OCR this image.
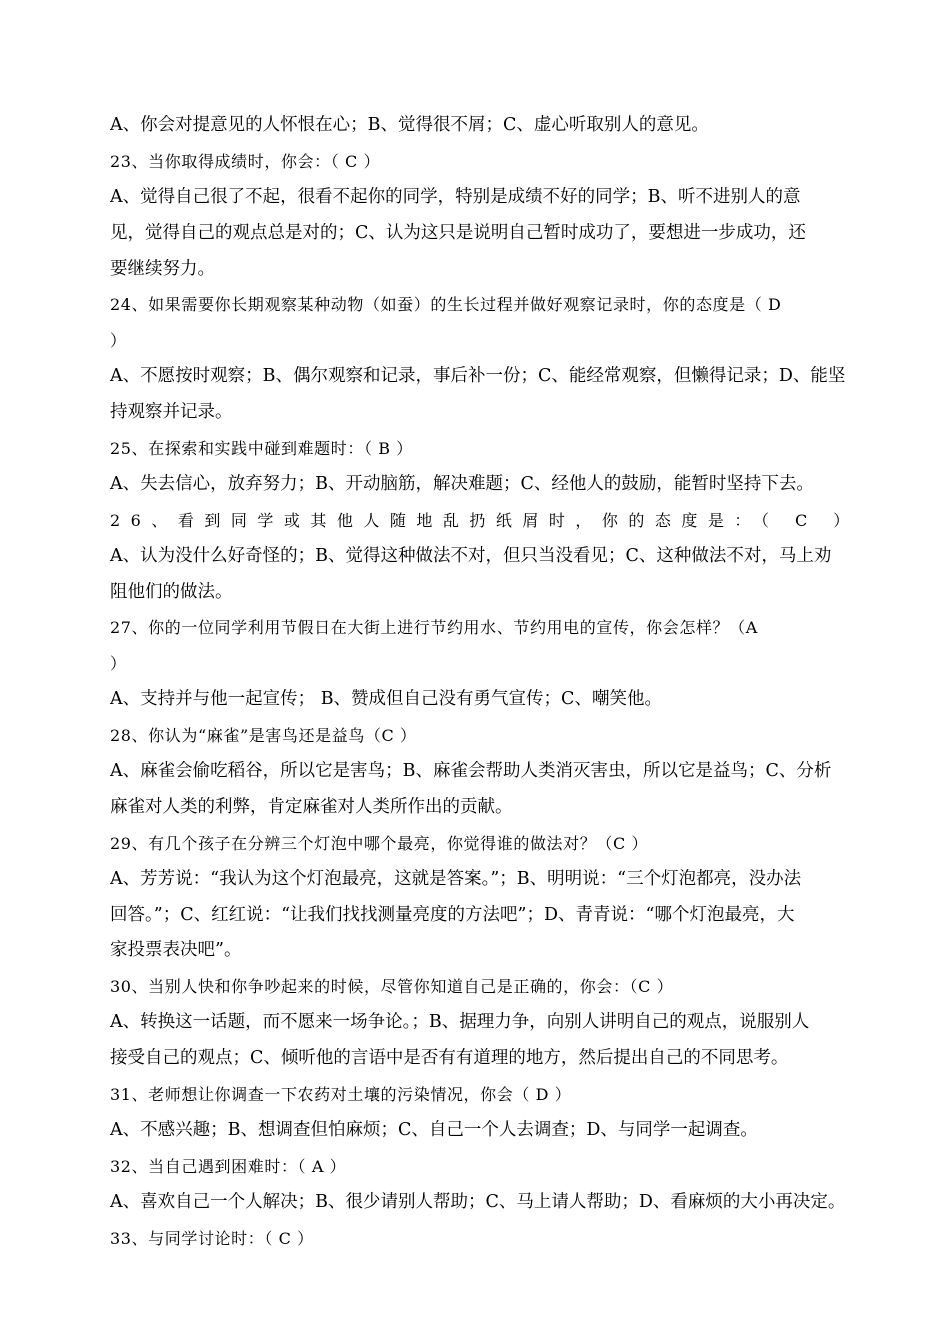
A、你会对提意见的人怀恨在心；B、觉得很不屑；C、虚心听取别人的意见。
23、当你取得成绩时，你会：（ C ）
A、觉得自己很了不起，很看不起你的同学，特别是成绩不好的同学；B、听不进别人的意
见，觉得自己的观点总是对的；C、认为这只是说明自己暂时成功了，要想进一步成功，还
要继续努力。
24、如果需要你长期观察某种动物（如蚕）的生长过程并做好观察记录时，你的态度是（ D
）
A、不愿按时观察；B、偶尔观察和记录，事后补一份；C、能经常观察，但懒得记录；D、能坚
持观察并记录。
25、在探索和实践中碰到难题时：（ B ）
A、失去信心，放弃努力；B、开动脑筋，解决难题；C、经他人的鼓励，能暂时坚持下去。
26、看到同学或其他人随地乱扔纸屑时，你的态度是：（ C ）
A、认为没什么好奇怪的；B、觉得这种做法不对，但只当没看见；C、这种做法不对，马上劝
阻他们的做法。
27、你的一位同学利用节假日在大街上进行节约用水、节约用电的宣传，你会怎样？（A
）
A、支持并与他一起宣传； B、赞成但自己没有勇气宣传；C、嘲笑他。
28、你认为“麻雀”是害鸟还是益鸟（C ）
A、麻雀会偷吃稻谷，所以它是害鸟；B、麻雀会帮助人类消灭害虫，所以它是益鸟；C、分析
麻雀对人类的利弊，肯定麻雀对人类所作出的贡献。
29、有几个孩子在分辨三个灯泡中哪个最亮，你觉得谁的做法对？（C ）
A、芳芳说：“我认为这个灯泡最亮，这就是答案。”；B、明明说：“三个灯泡都亮，没办法
回答。”；C、红红说：“让我们找找测量亮度的方法吧”；D、青青说：“哪个灯泡最亮，大
家投票表决吧”。
30、当别人快和你争吵起来的时候，尽管你知道自己是正确的，你会：（C ）
A、转换这一话题，而不愿来一场争论。；B、据理力争，向别人讲明自己的观点，说服别人
接受自己的观点；C、倾听他的言语中是否有有道理的地方，然后提出自己的不同思考。
31、老师想让你调查一下农药对土壤的污染情况，你会（ D ）
A、不感兴趣；B、想调查但怕麻烦；C、自己一个人去调查；D、与同学一起调查。
32、当自己遇到困难时：（ A ）
A、喜欢自己一个人解决；B、很少请别人帮助；C、马上请人帮助；D、看麻烦的大小再决定。
33、与同学讨论时：（ C ）
